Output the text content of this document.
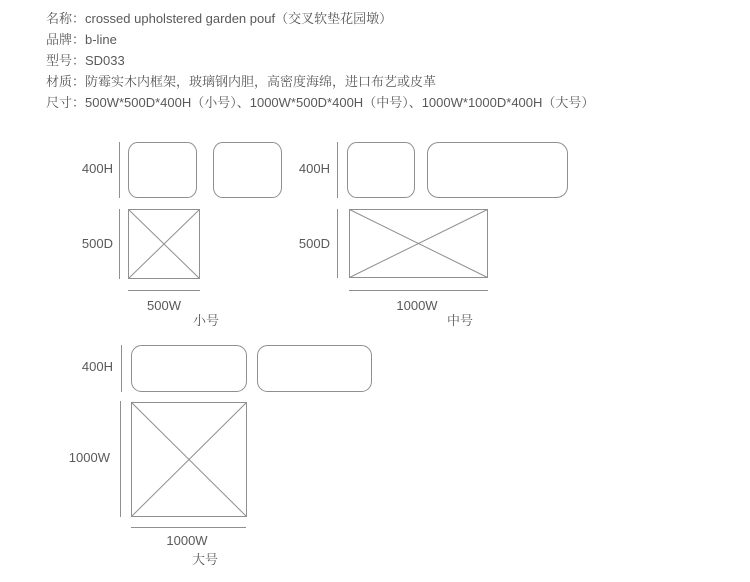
名称：crossed upholstered garden pouf（交叉软垫花园墩）
品牌：b-line
型号：SD033
材质：防霉实木内框架，玻璃钢内胆，高密度海绵，进口布艺或皮革
尺寸：500W*500D*400H（小号）、1000W*500D*400H（中号）、1000W*1000D*400H（大号）
400H
500D
500W
小号
400H
500D
1000W
中号
400H
1000W
1000W
大号
